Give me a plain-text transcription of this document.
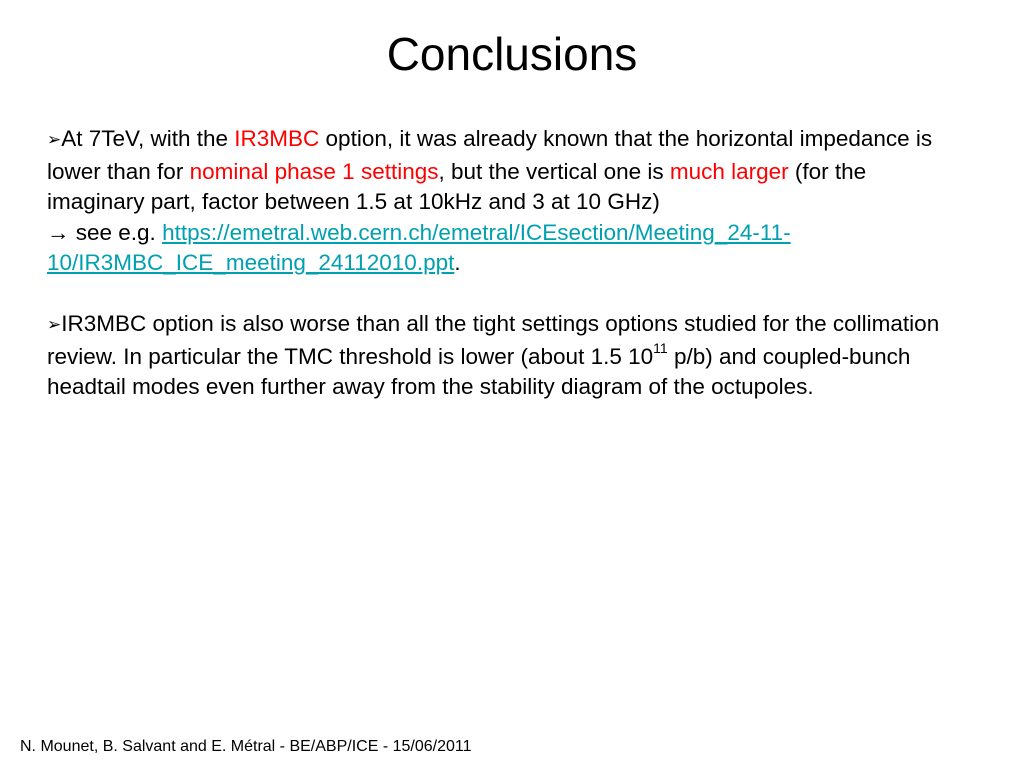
Conclusions

➢At 7TeV, with the IR3MBC option, it was already known that the horizontal impedance is lower than for nominal phase 1 settings, but the vertical one is much larger (for the imaginary part, factor between 1.5 at 10kHz and 3 at 10 GHz)
→ see e.g. https://emetral.web.cern.ch/emetral/ICEsection/Meeting_24-11-10/IR3MBC_ICE_meeting_24112010.ppt.

➢IR3MBC option is also worse than all the tight settings options studied for the collimation review. In particular the TMC threshold is lower (about 1.5 $10^{11}$ p/b) and coupled-bunch headtail modes even further away from the stability diagram of the octupoles.

N. Mounet, B. Salvant and E. Métral - BE/ABP/ICE - 15/06/2011
